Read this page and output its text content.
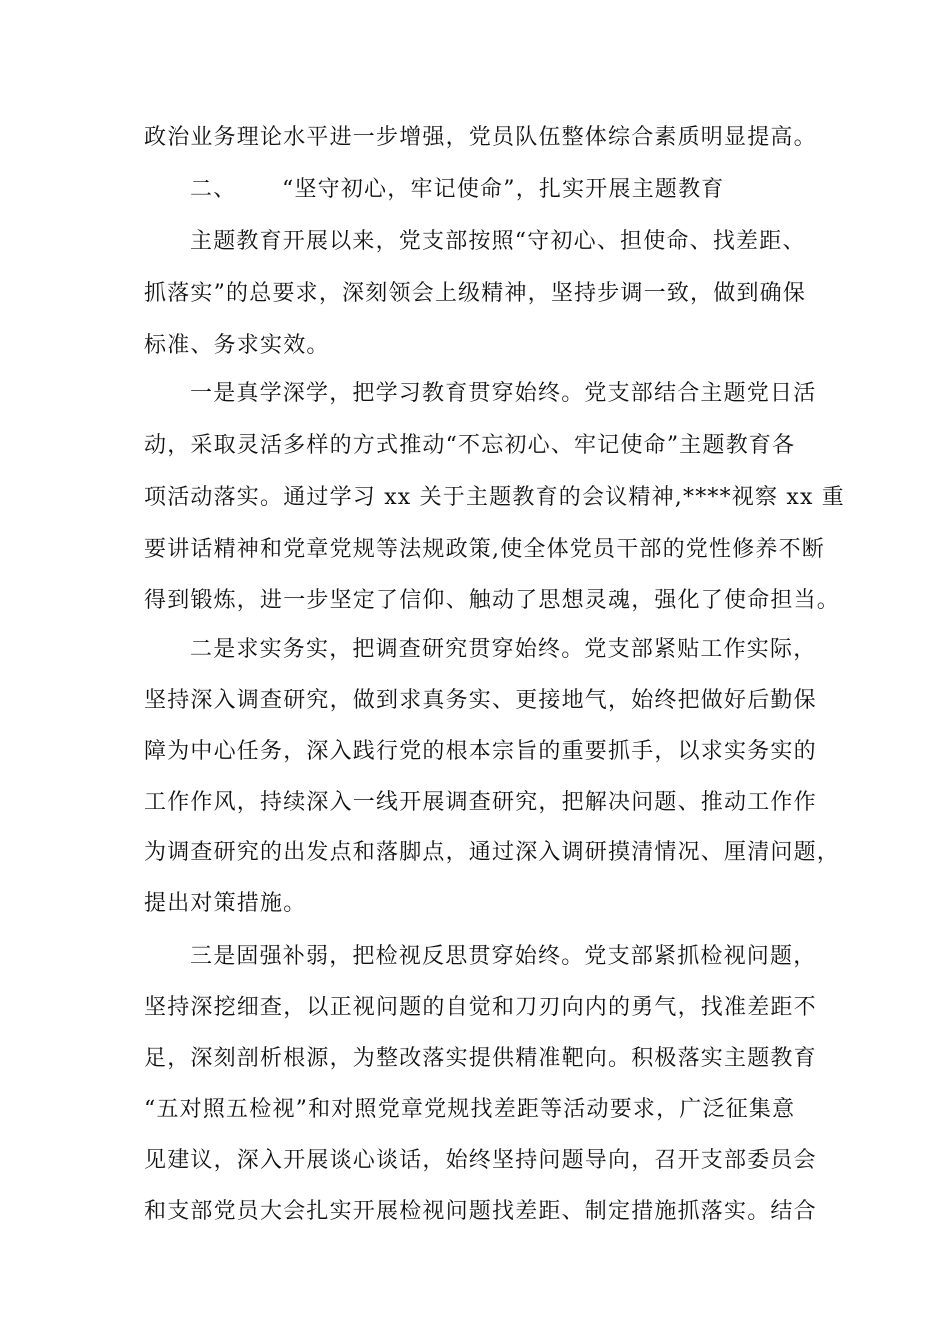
政治业务理论水平进一步增强，党员队伍整体综合素质明显提高。
二、 “坚守初心，牢记使命”，扎实开展主题教育
主题教育开展以来，党支部按照“守初心、担使命、找差距、
抓落实”的总要求，深刻领会上级精神，坚持步调一致，做到确保
标准、务求实效。
一是真学深学，把学习教育贯穿始终。党支部结合主题党日活
动，采取灵活多样的方式推动“不忘初心、牢记使命”主题教育各
项活动落实。通过学习 xx 关于主题教育的会议精神,****视察 xx 重
要讲话精神和党章党规等法规政策,使全体党员干部的党性修养不断
得到锻炼，进一步坚定了信仰、触动了思想灵魂，强化了使命担当。
二是求实务实，把调查研究贯穿始终。党支部紧贴工作实际，
坚持深入调查研究，做到求真务实、更接地气，始终把做好后勤保
障为中心任务，深入践行党的根本宗旨的重要抓手，以求实务实的
工作作风，持续深入一线开展调查研究，把解决问题、推动工作作
为调查研究的出发点和落脚点，通过深入调研摸清情况、厘清问题，
提出对策措施。
三是固强补弱，把检视反思贯穿始终。党支部紧抓检视问题，
坚持深挖细查，以正视问题的自觉和刀刃向内的勇气，找准差距不
足，深刻剖析根源，为整改落实提供精准靶向。积极落实主题教育
“五对照五检视”和对照党章党规找差距等活动要求，广泛征集意
见建议，深入开展谈心谈话，始终坚持问题导向，召开支部委员会
和支部党员大会扎实开展检视问题找差距、制定措施抓落实。结合
